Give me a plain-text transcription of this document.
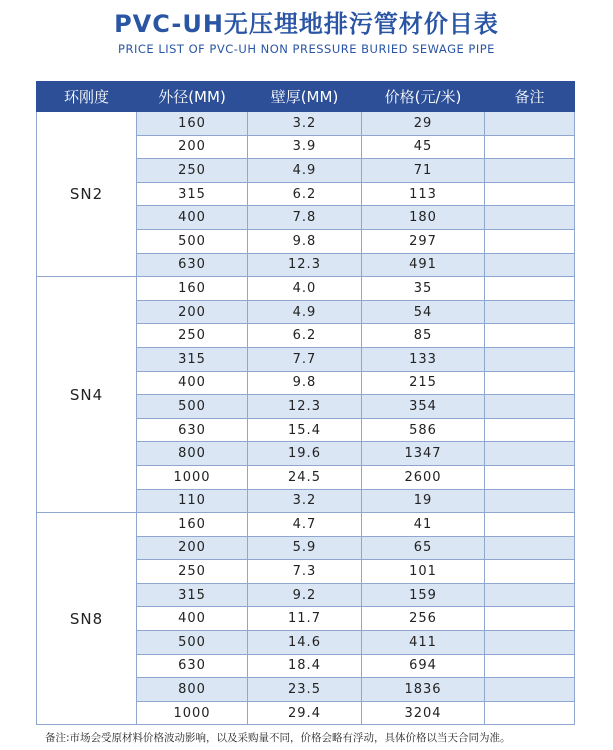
PVC-UH无压埋地排污管材价目表
PRICE LIST OF PVC-UH NON PRESSURE BURIED SEWAGE PIPE
环刚度	外径(MM)	壁厚(MM)	价格(元/米)	备注
SN2	160	3.2	29	
	200	3.9	45	
	250	4.9	71	
	315	6.2	113	
	400	7.8	180	
	500	9.8	297	
	630	12.3	491	
SN4	160	4.0	35	
	200	4.9	54	
	250	6.2	85	
	315	7.7	133	
	400	9.8	215	
	500	12.3	354	
	630	15.4	586	
	800	19.6	1347	
	1000	24.5	2600	
	110	3.2	19	
SN8	160	4.7	41	
	200	5.9	65	
	250	7.3	101	
	315	9.2	159	
	400	11.7	256	
	500	14.6	411	
	630	18.4	694	
	800	23.5	1836	
	1000	29.4	3204	
备注:市场会受原材料价格波动影响，以及采购量不同，价格会略有浮动，具体价格以当天合同为准。
